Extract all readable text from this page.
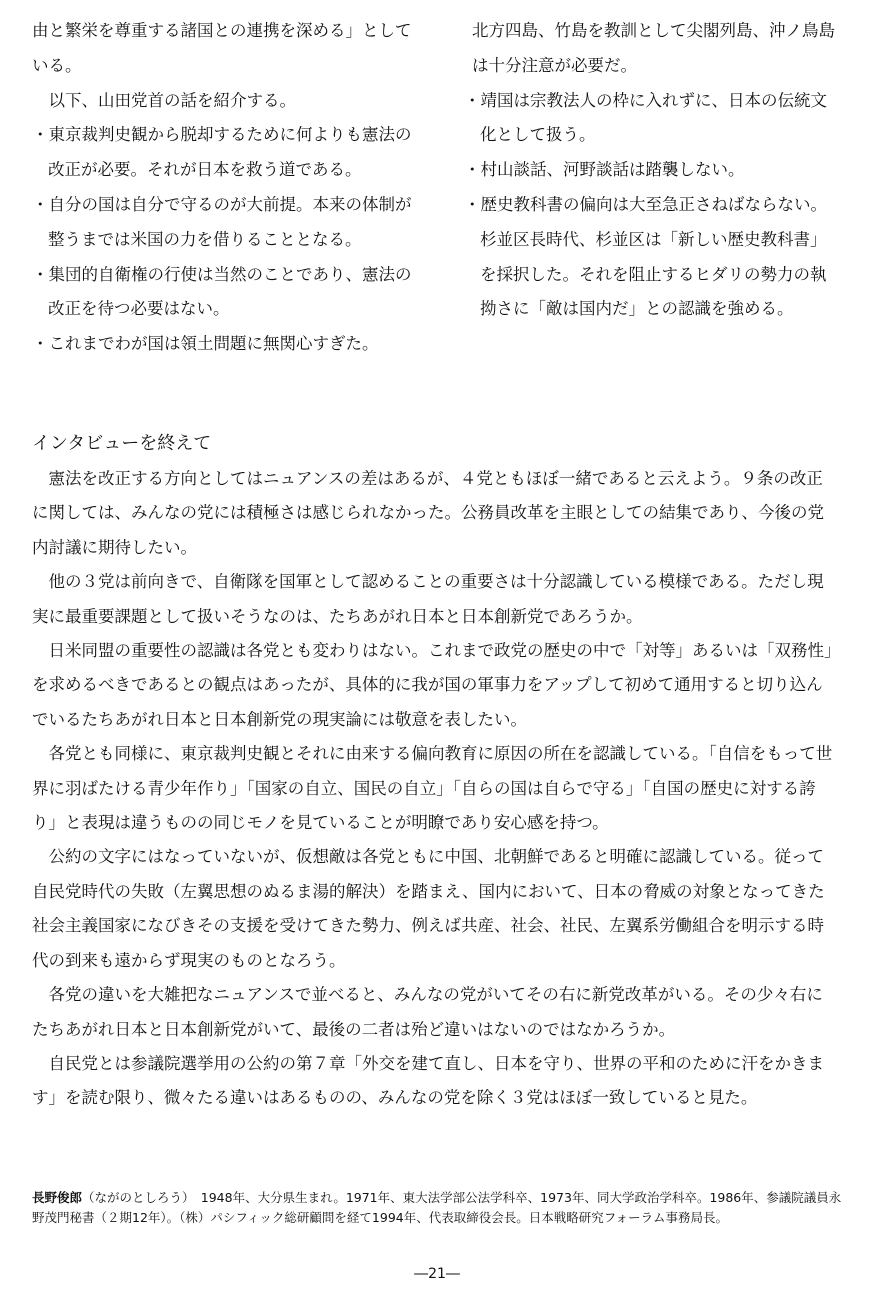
由と繁栄を尊重する諸国との連携を深める」としている。

以下、山田党首の話を紹介する。

・東京裁判史観から脱却するために何よりも憲法の改正が必要。それが日本を救う道である。

・自分の国は自分で守るのが大前提。本来の体制が整うまでは米国の力を借りることとなる。

・集団的自衛権の行使は当然のことであり、憲法の改正を待つ必要はない。

・これまでわが国は領土問題に無関心すぎた。

北方四島、竹島を教訓として尖閣列島、沖ノ鳥島は十分注意が必要だ。

・靖国は宗教法人の枠に入れずに、日本の伝統文化として扱う。

・村山談話、河野談話は踏襲しない。

・歴史教科書の偏向は大至急正さねばならない。杉並区長時代、杉並区は「新しい歴史教科書」を採択した。それを阻止するヒダリの勢力の執拗さに「敵は国内だ」との認識を強める。

インタビューを終えて

憲法を改正する方向としてはニュアンスの差はあるが、４党ともほぼ一緒であると云えよう。９条の改正に関しては、みんなの党には積極さは感じられなかった。公務員改革を主眼としての結集であり、今後の党内討議に期待したい。

他の３党は前向きで、自衛隊を国軍として認めることの重要さは十分認識している模様である。ただし現実に最重要課題として扱いそうなのは、たちあがれ日本と日本創新党であろうか。

日米同盟の重要性の認識は各党とも変わりはない。これまで政党の歴史の中で「対等」あるいは「双務性」を求めるべきであるとの観点はあったが、具体的に我が国の軍事力をアップして初めて通用すると切り込んでいるたちあがれ日本と日本創新党の現実論には敬意を表したい。

各党とも同様に、東京裁判史観とそれに由来する偏向教育に原因の所在を認識している。「自信をもって世界に羽ばたける青少年作り」「国家の自立、国民の自立」「自らの国は自らで守る」「自国の歴史に対する誇り」と表現は違うものの同じモノを見ていることが明瞭であり安心感を持つ。

公約の文字にはなっていないが、仮想敵は各党ともに中国、北朝鮮であると明確に認識している。従って自民党時代の失敗（左翼思想のぬるま湯的解決）を踏まえ、国内において、日本の脅威の対象となってきた社会主義国家になびきその支援を受けてきた勢力、例えば共産、社会、社民、左翼系労働組合を明示する時代の到来も遠からず現実のものとなろう。

各党の違いを大雑把なニュアンスで並べると、みんなの党がいてその右に新党改革がいる。その少々右にたちあがれ日本と日本創新党がいて、最後の二者は殆ど違いはないのではなかろうか。

自民党とは参議院選挙用の公約の第７章「外交を建て直し、日本を守り、世界の平和のために汗をかきます」を読む限り、微々たる違いはあるものの、みんなの党を除く３党はほぼ一致していると見た。

長野俊郎（ながのとしろう）　1948年、大分県生まれ。1971年、東大法学部公法学科卒、1973年、同大学政治学科卒。1986年、参議院議員永野茂門秘書（２期12年）。（株）パシフィック総研顧問を経て1994年、代表取締役会長。日本戦略研究フォーラム事務局長。
―21―
